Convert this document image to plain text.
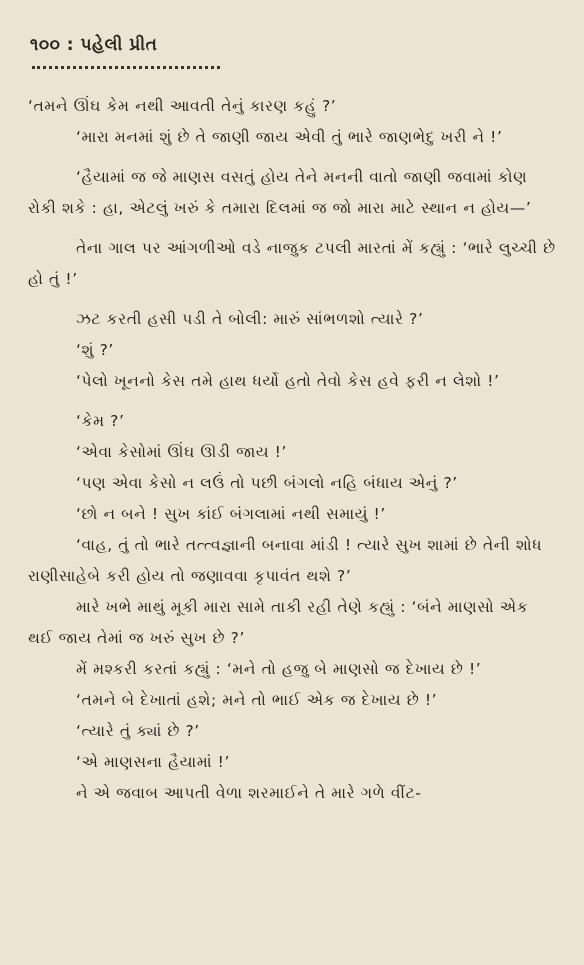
૧૦૦ : પહેલી પ્રીત

‘તમને ઊંઘ કેમ નથી આવતી તેનું કારણ કહું ?’

‘મારા મનમાં શું છે તે જાણી જાય એવી તું ભારે જાણભેદુ ખરી ને !’

‘હૈયામાં જ જે માણસ વસતું હોય તેને મનની વાતો જાણી જવામાં કોણ રોકી શકે : હા, એટલું ખરું કે તમારા દિલમાં જ જો મારા માટે સ્થાન ન હોય—’

તેના ગાલ પર આંગળીઓ વડે નાજુક ટપલી મારતાં મેં કહ્યું : ‘ભારે લુચ્ચી છે હો તું !’

ઝટ કરતી હસી પડી તે બોલી: મારું સાંભળશો ત્યારે ?’

‘શું ?’

‘પેલો ખૂનનો કેસ તમે હાથ ધર્યો હતો તેવો કેસ હવે ફરી ન લેશો !’

‘કેમ ?’

‘એવા કેસોમાં ઊંઘ ઊડી જાય !’

‘પણ એવા કેસો ન લઉં તો પછી બંગલો નહિ બંધાય એનું ?’

‘છો ન બને ! સુખ કાંઈ બંગલામાં નથી સમાયું !’

‘વાહ, તું તો ભારે તત્ત્વજ્ઞાની બનાવા માંડી ! ત્યારે સુખ શામાં છે તેની શોધ રાણીસાહેબે કરી હોય તો જણાવવા કૃપાવંત થશે ?’

મારે ખભે માથું મૂકી મારા સામે તાકી રહી તેણે કહ્યું : ‘બંને માણસો એક થઈ જાય તેમાં જ ખરું સુખ છે ?’

મેં મશ્કરી કરતાં કહ્યું : ‘મને તો હજુ બે માણસો જ દેખાય છે !’

‘તમને બે દેખાતાં હશે; મને તો ભાઈ એક જ દેખાય છે !’

‘ત્યારે તું ક્યાં છે ?’

‘એ માણસના હૈયામાં !’

ને એ જવાબ આપતી વેળા શરમાઈને તે મારે ગળે વીંટ-
